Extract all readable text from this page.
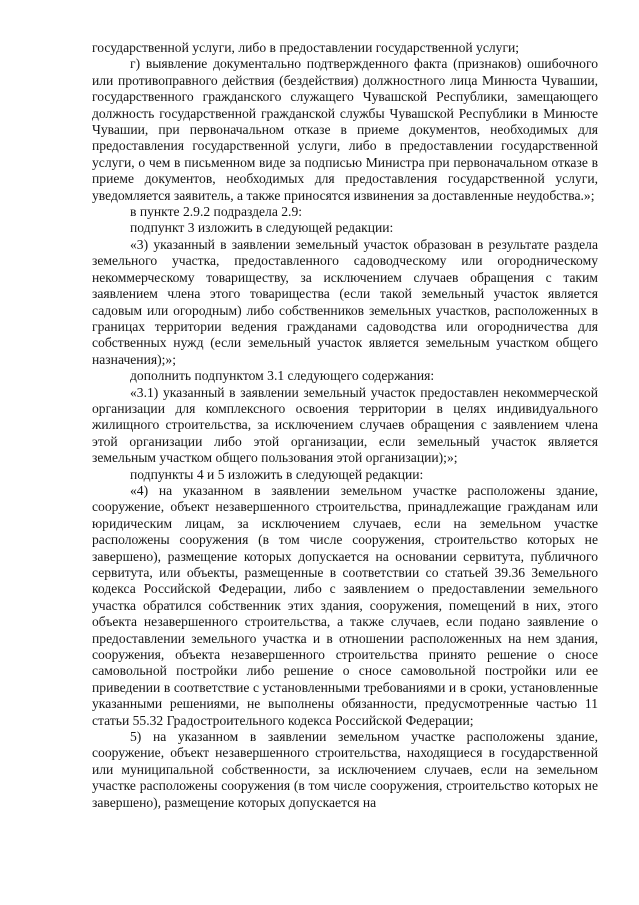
государственной услуги, либо в предоставлении государственной услуги;

г) выявление документально подтвержденного факта (признаков) ошибочного или противоправного действия (бездействия) должностного лица Минюста Чувашии, государственного гражданского служащего Чувашской Республики, замещающего должность государственной гражданской службы Чувашской Республики в Минюсте Чувашии, при первоначальном отказе в приеме документов, необходимых для предоставления государственной услуги, либо в предоставлении государственной услуги, о чем в письменном виде за подписью Министра при первоначальном отказе в приеме документов, необходимых для предоставления государственной услуги, уведомляется заявитель, а также приносятся извинения за доставленные неудобства.»;

в пункте 2.9.2 подраздела 2.9:

подпункт 3 изложить в следующей редакции:

«3) указанный в заявлении земельный участок образован в результате раздела земельного участка, предоставленного садоводческому или огородническому некоммерческому товариществу, за исключением случаев обращения с таким заявлением члена этого товарищества (если такой земельный участок является садовым или огородным) либо собственников земельных участков, расположенных в границах территории ведения гражданами садоводства или огородничества для собственных нужд (если земельный участок является земельным участком общего назначения);»;

дополнить подпунктом 3.1 следующего содержания:

«3.1) указанный в заявлении земельный участок предоставлен некоммерческой организации для комплексного освоения территории в целях индивидуального жилищного строительства, за исключением случаев обращения с заявлением члена этой организации либо этой организации, если земельный участок является земельным участком общего пользования этой организации);»;

подпункты 4 и 5 изложить в следующей редакции:

«4) на указанном в заявлении земельном участке расположены здание, сооружение, объект незавершенного строительства, принадлежащие гражданам или юридическим лицам, за исключением случаев, если на земельном участке расположены сооружения (в том числе сооружения, строительство которых не завершено), размещение которых допускается на основании сервитута, публичного сервитута, или объекты, размещенные в соответствии со статьей 39.36 Земельного кодекса Российской Федерации, либо с заявлением о предоставлении земельного участка обратился собственник этих здания, сооружения, помещений в них, этого объекта незавершенного строительства, а также случаев, если подано заявление о предоставлении земельного участка и в отношении расположенных на нем здания, сооружения, объекта незавершенного строительства принято решение о сносе самовольной постройки либо решение о сносе самовольной постройки или ее приведении в соответствие с установленными требованиями и в сроки, установленные указанными решениями, не выполнены обязанности, предусмотренные частью 11 статьи 55.32 Градостроительного кодекса Российской Федерации;

5) на указанном в заявлении земельном участке расположены здание, сооружение, объект незавершенного строительства, находящиеся в государственной или муниципальной собственности, за исключением случаев, если на земельном участке расположены сооружения (в том числе сооружения, строительство которых не завершено), размещение которых допускается на
